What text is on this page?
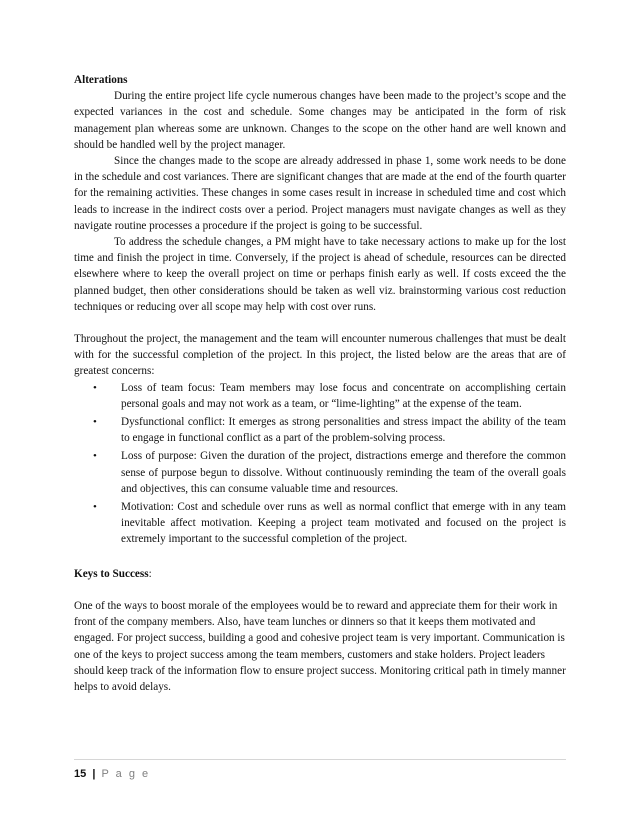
Alterations

During the entire project life cycle numerous changes have been made to the project’s scope and the expected variances in the cost and schedule. Some changes may be anticipated in the form of risk management plan whereas some are unknown. Changes to the scope on the other hand are well known and should be handled well by the project manager.

Since the changes made to the scope are already addressed in phase 1, some work needs to be done in the schedule and cost variances. There are significant changes that are made at the end of the fourth quarter for the remaining activities. These changes in some cases result in increase in scheduled time and cost which leads to increase in the indirect costs over a period. Project managers must navigate changes as well as they navigate routine processes a procedure if the project is going to be successful.

To address the schedule changes, a PM might have to take necessary actions to make up for the lost time and finish the project in time. Conversely, if the project is ahead of schedule, resources can be directed elsewhere where to keep the overall project on time or perhaps finish early as well. If costs exceed the the planned budget, then other considerations should be taken as well viz. brainstorming various cost reduction techniques or reducing over all scope may help with cost over runs.

Throughout the project, the management and the team will encounter numerous challenges that must be dealt with for the successful completion of the project. In this project, the listed below are the areas that are of greatest concerns:

• Loss of team focus: Team members may lose focus and concentrate on accomplishing certain personal goals and may not work as a team, or “lime-lighting” at the expense of the team.
• Dysfunctional conflict: It emerges as strong personalities and stress impact the ability of the team to engage in functional conflict as a part of the problem-solving process.
• Loss of purpose: Given the duration of the project, distractions emerge and therefore the common sense of purpose begun to dissolve. Without continuously reminding the team of the overall goals and objectives, this can consume valuable time and resources.
• Motivation: Cost and schedule over runs as well as normal conflict that emerge with in any team inevitable affect motivation. Keeping a project team motivated and focused on the project is extremely important to the successful completion of the project.

Keys to Success:

One of the ways to boost morale of the employees would be to reward and appreciate them for their work in front of the company members. Also, have team lunches or dinners so that it keeps them motivated and engaged. For project success, building a good and cohesive project team is very important. Communication is one of the keys to project success among the team members, customers and stake holders. Project leaders should keep track of the information flow to ensure project success. Monitoring critical path in timely manner helps to avoid delays.

15 | P a g e
